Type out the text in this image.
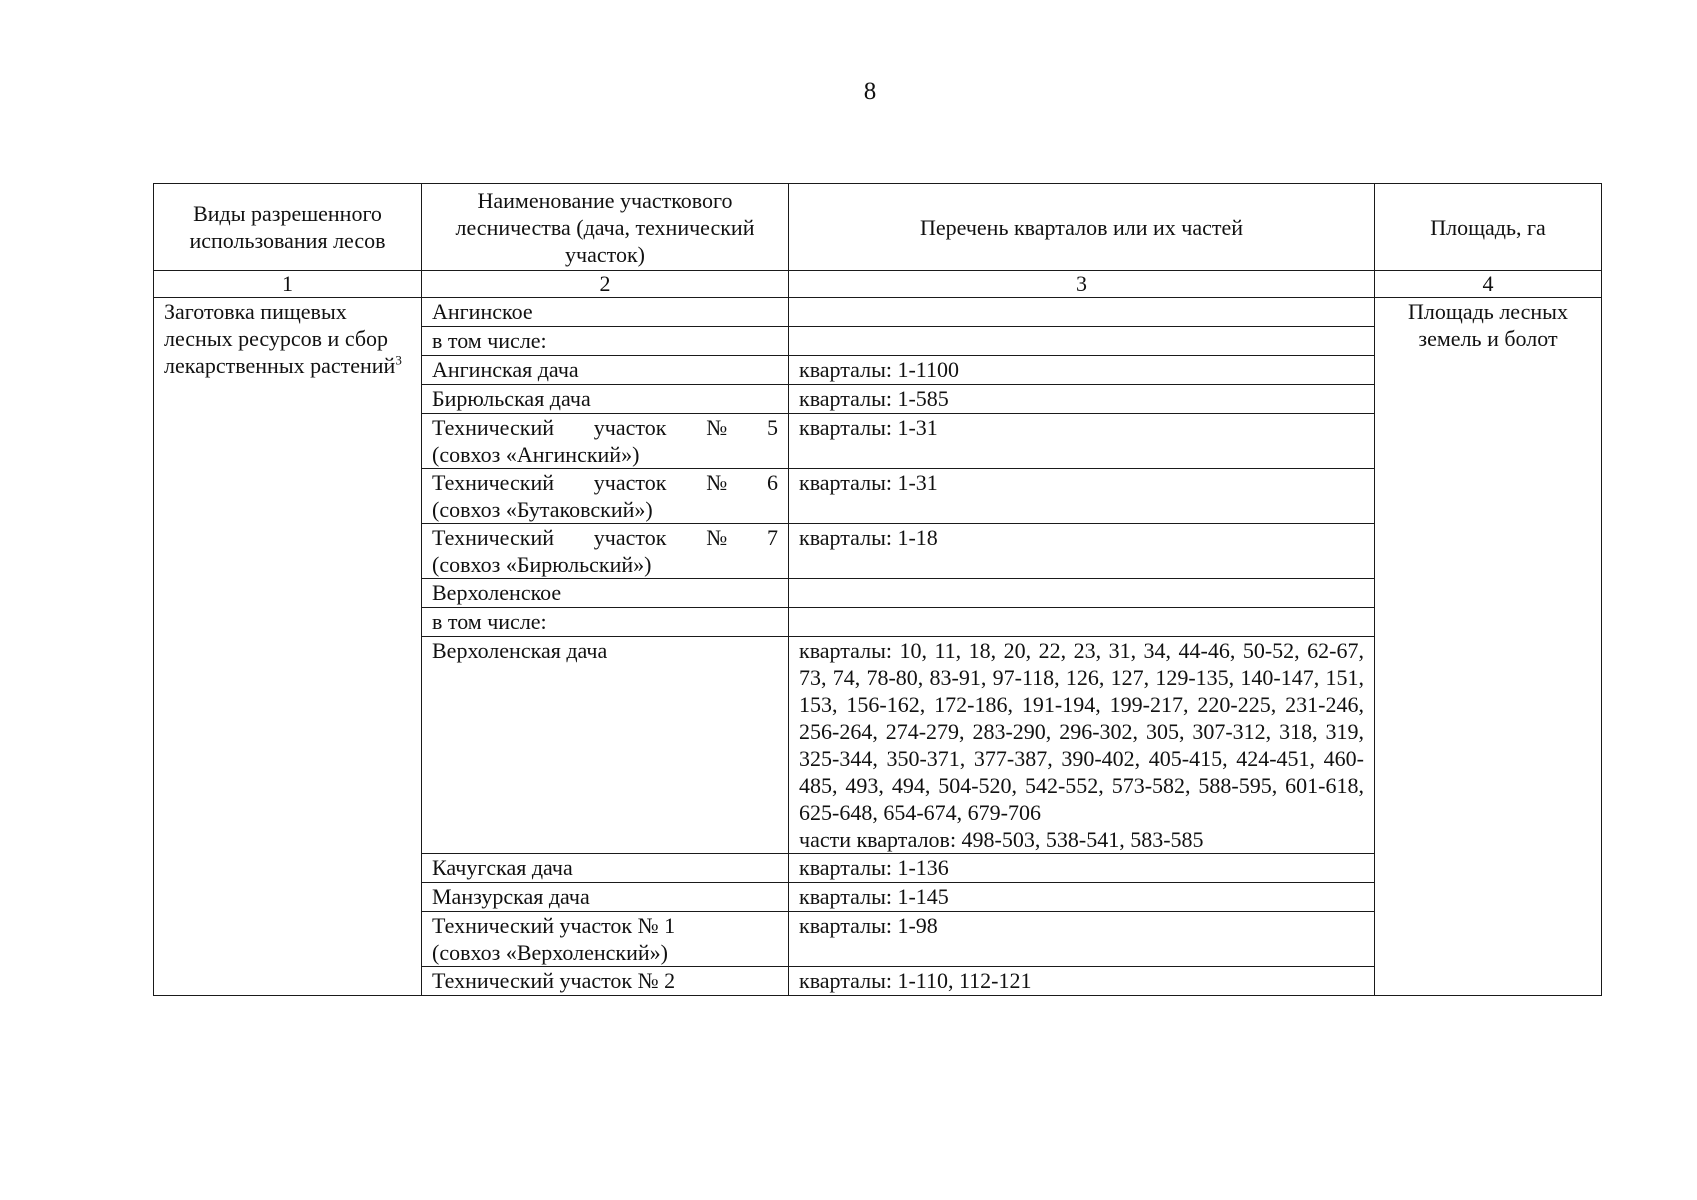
8
Виды разрешенного использования лесов	Наименование участкового лесничества (дача, технический участок)	Перечень кварталов или их частей	Площадь, га
1	2	3	4
Заготовка пищевых лесных ресурсов и сбор лекарственных растений$^3$	Ангинское		Площадь лесных земель и болот
	в том числе:		
	Ангинская дача	кварталы: 1-1100	
	Бирюльская дача	кварталы: 1-585	

	Технический участок № 5
(совхоз «Ангинский»)	кварталы: 1-31	

	Технический участок № 6
(совхоз «Бутаковский»)	кварталы: 1-31	

	Технический участок № 7
(совхоз «Бирюльский»)	кварталы: 1-18	
	Верхоленское		
	в том числе:		
	Верхоленская дача	кварталы: 10, 11, 18, 20, 22, 23, 31, 34, 44-46, 50-52, 62-67, 73, 74, 78-80, 83-91, 97-118, 126, 127, 129-135, 140-147, 151, 153, 156-162, 172-186, 191-194, 199-217, 220-225, 231-246, 256-264, 274-279, 283-290, 296-302, 305, 307-312, 318, 319, 325-344, 350-371, 377-387, 390-402, 405-415, 424-451, 460-485, 493, 494, 504-520, 542-552, 573-582, 588-595, 601-618, 625-648, 654-674, 679-706
части кварталов: 498-503, 538-541, 583-585	

	Качугская дача	кварталы: 1-136	
	Манзурская дача	кварталы: 1-145	

	Технический участок № 1
(совхоз «Верхоленский»)	кварталы: 1-98	
	Технический участок № 2	кварталы: 1-110, 112-121	
